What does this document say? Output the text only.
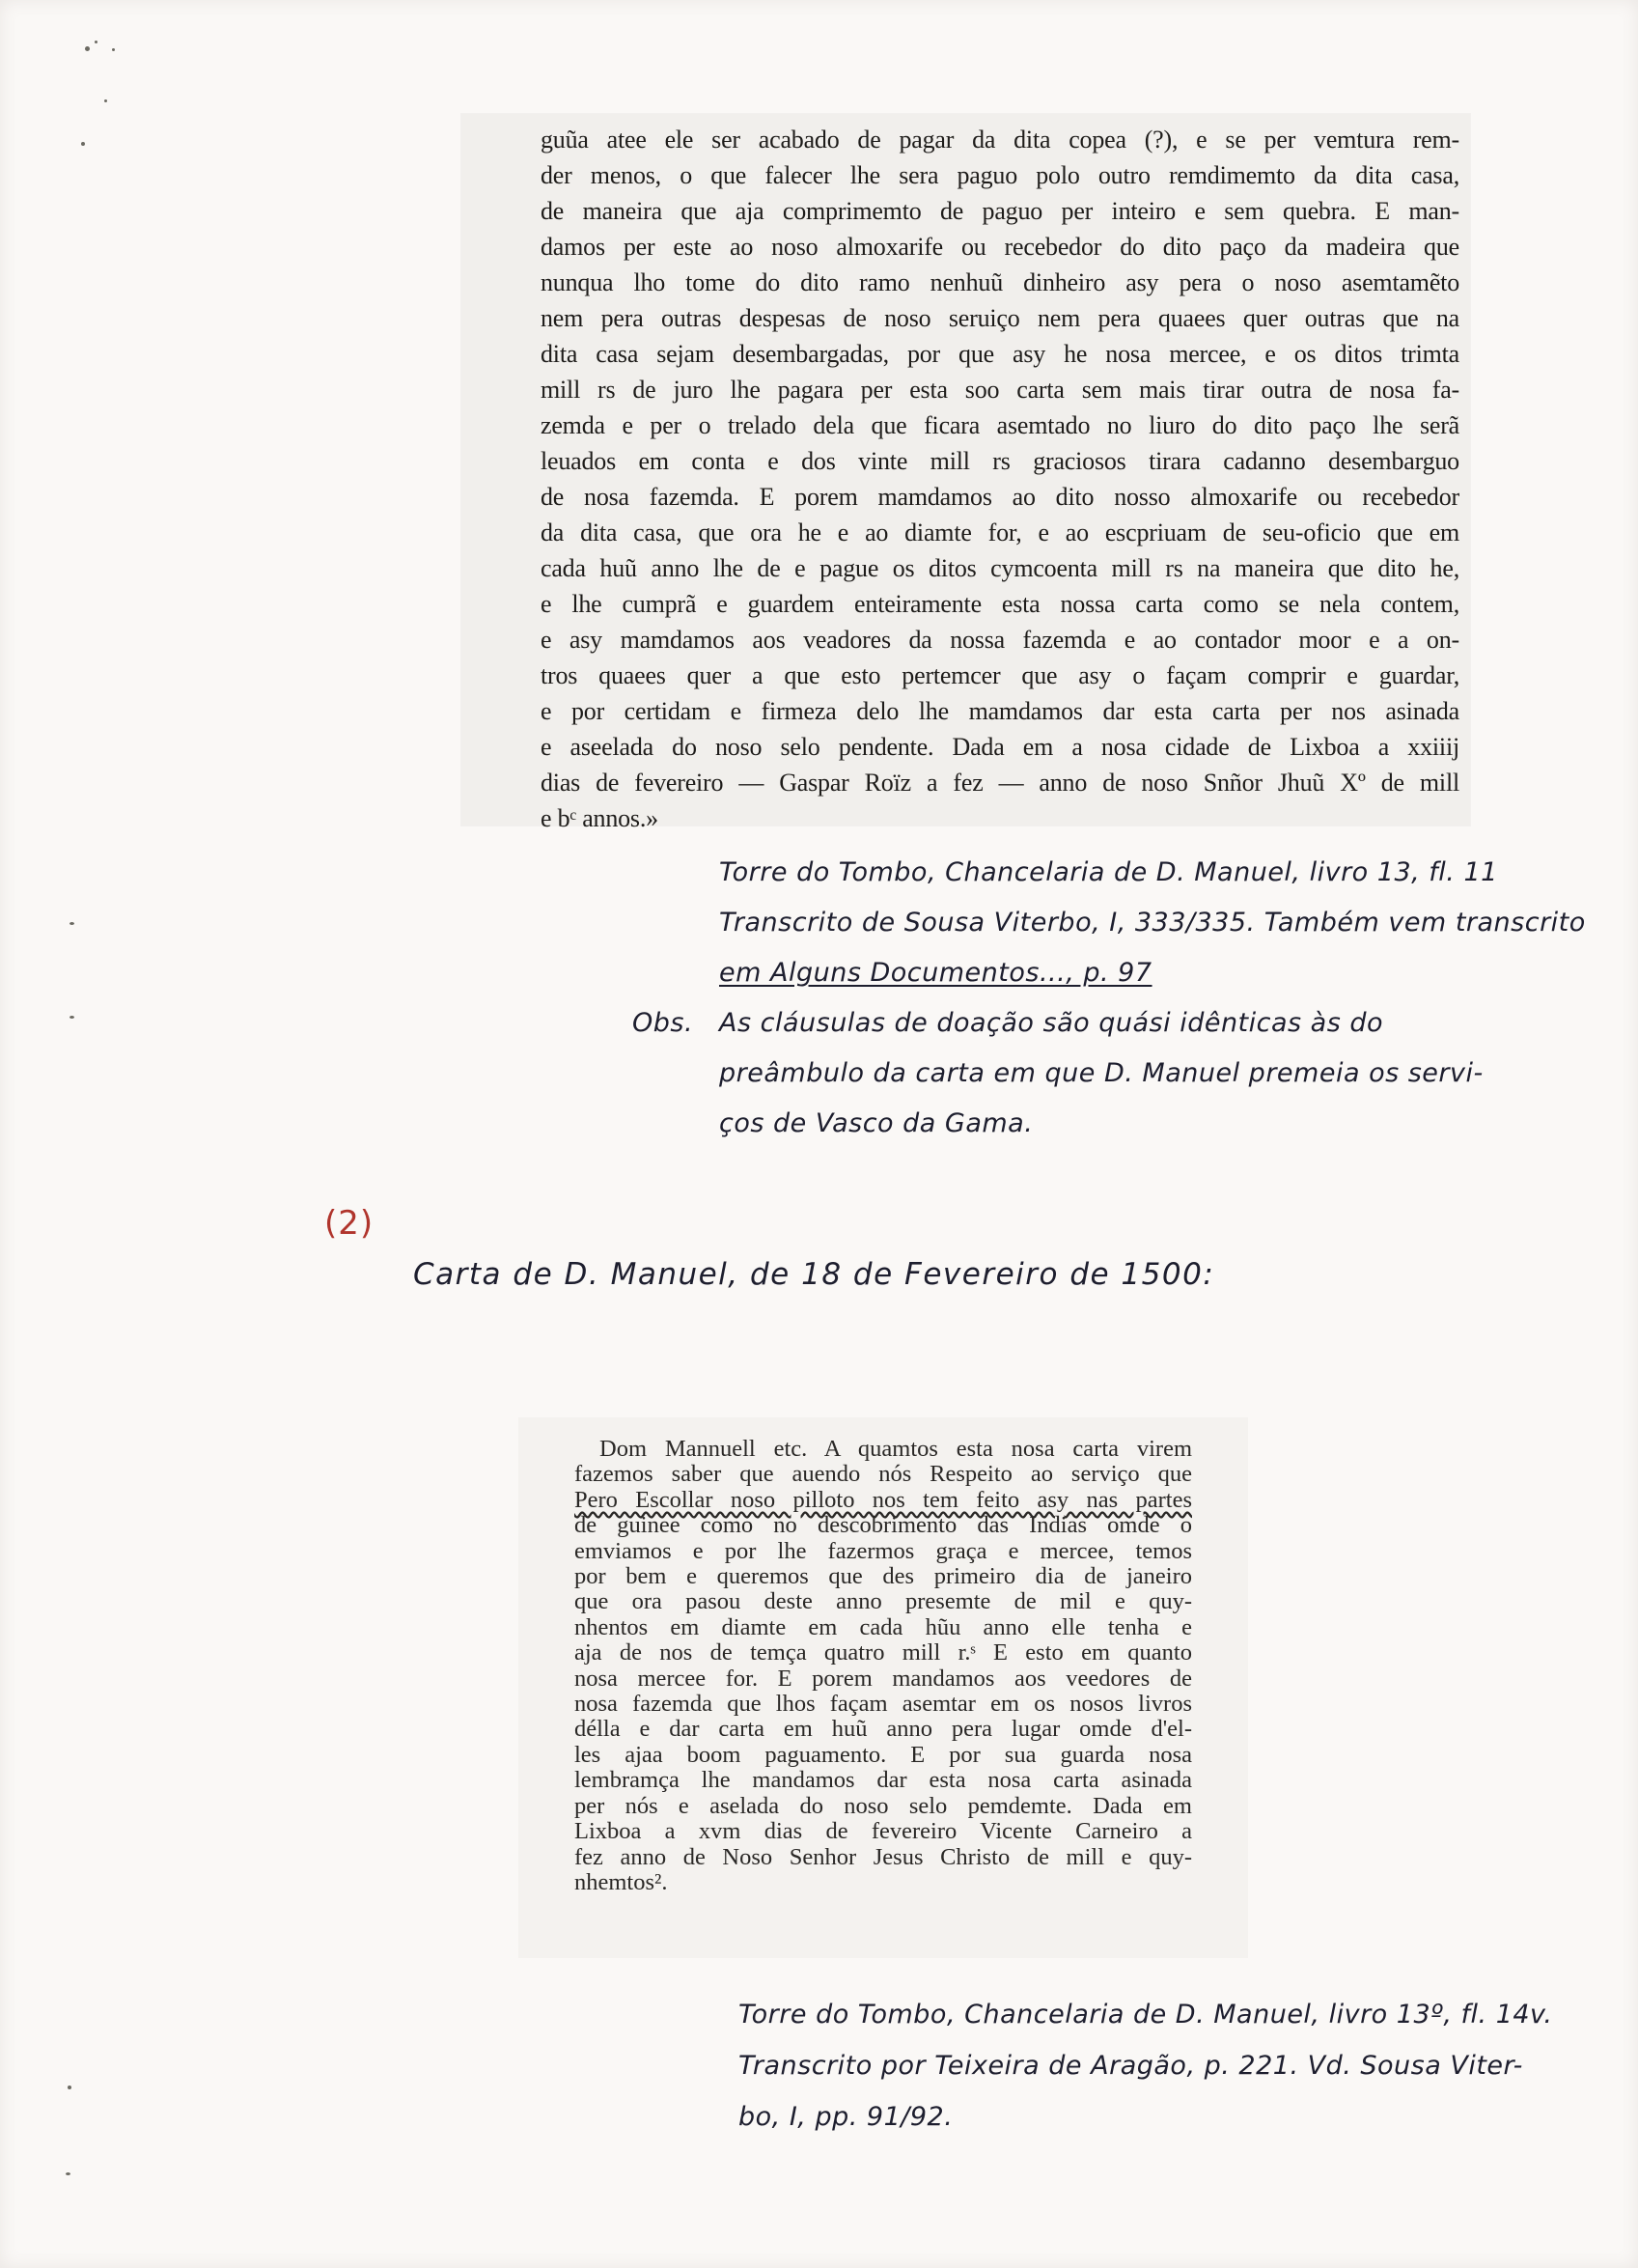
guũa atee ele ser acabado de pagar da dita copea (?), e se per vemtura rem-
der menos, o que falecer lhe sera paguo polo outro remdimemto da dita casa,
de maneira que aja comprimemto de paguo per inteiro e sem quebra. E man-
damos per este ao noso almoxarife ou recebedor do dito paço da madeira que
nunqua lho tome do dito ramo nenhuũ dinheiro asy pera o noso asemtamẽto
nem pera outras despesas de noso seruiço nem pera quaees quer outras que na
dita casa sejam desembargadas, por que asy he nosa mercee, e os ditos trimta
mill rs de juro lhe pagara per esta soo carta sem mais tirar outra de nosa fa-
zemda e per o trelado dela que ficara asemtado no liuro do dito paço lhe serã
leuados em conta e dos vinte mill rs graciosos tirara cadanno desembarguo
de nosa fazemda. E porem mamdamos ao dito nosso almoxarife ou recebedor
da dita casa, que ora he e ao diamte for, e ao escpriuam de seu-oficio que em
cada huũ anno lhe de e pague os ditos cymcoenta mill rs na maneira que dito he,
e lhe cumprã e guardem enteiramente esta nossa carta como se nela contem,
e asy mamdamos aos veadores da nossa fazemda e ao contador moor e a on-
tros quaees quer a que esto pertemcer que asy o façam comprir e guardar,
e por certidam e firmeza delo lhe mamdamos dar esta carta per nos asinada
e aseelada do noso selo pendente. Dada em a nosa cidade de Lixboa a xxiiij
dias de fevereiro — Gaspar Roïz a fez — anno de noso Snñor Jhuũ Xº de mill
e bᶜ annos.»
Torre do Tombo, Chancelaria de D. Manuel, livro 13, fl. 11
Transcrito de Sousa Viterbo, I, 333/335. Também vem transcrito
em Alguns Documentos..., p. 97
Obs. As cláusulas de doação são quási idênticas às do
preâmbulo da carta em que D. Manuel premeia os servi-
ços de Vasco da Gama.
(2)
Carta de D. Manuel, de 18 de Fevereiro de 1500:
Dom Mannuell etc. A quamtos esta nosa carta virem
fazemos saber que auendo nós Respeito ao serviço que
Pero Escollar noso pilloto nos tem feito asy nas partes
de guinee como no descobrimento das Indias omde o
emviamos e por lhe fazermos graça e mercee, temos
por bem e queremos que des primeiro dia de janeiro
que ora pasou deste anno presemte de mil e quy-
nhentos em diamte em cada hũu anno elle tenha e
aja de nos de temça quatro mill r.ˢ E esto em quanto
nosa mercee for. E porem mandamos aos veedores de
nosa fazemda que lhos façam asemtar em os nosos livros
délla e dar carta em huũ anno pera lugar omde d'el-
les ajaa boom paguamento. E por sua guarda nosa
lembramça lhe mandamos dar esta nosa carta asinada
per nós e aselada do noso selo pemdemte. Dada em
Lixboa a xvm dias de fevereiro Vicente Carneiro a
fez anno de Noso Senhor Jesus Christo de mill e quy-
nhemtos².
Torre do Tombo, Chancelaria de D. Manuel, livro 13º, fl. 14v.
Transcrito por Teixeira de Aragão, p. 221. Vd. Sousa Viter-
bo, I, pp. 91/92.
